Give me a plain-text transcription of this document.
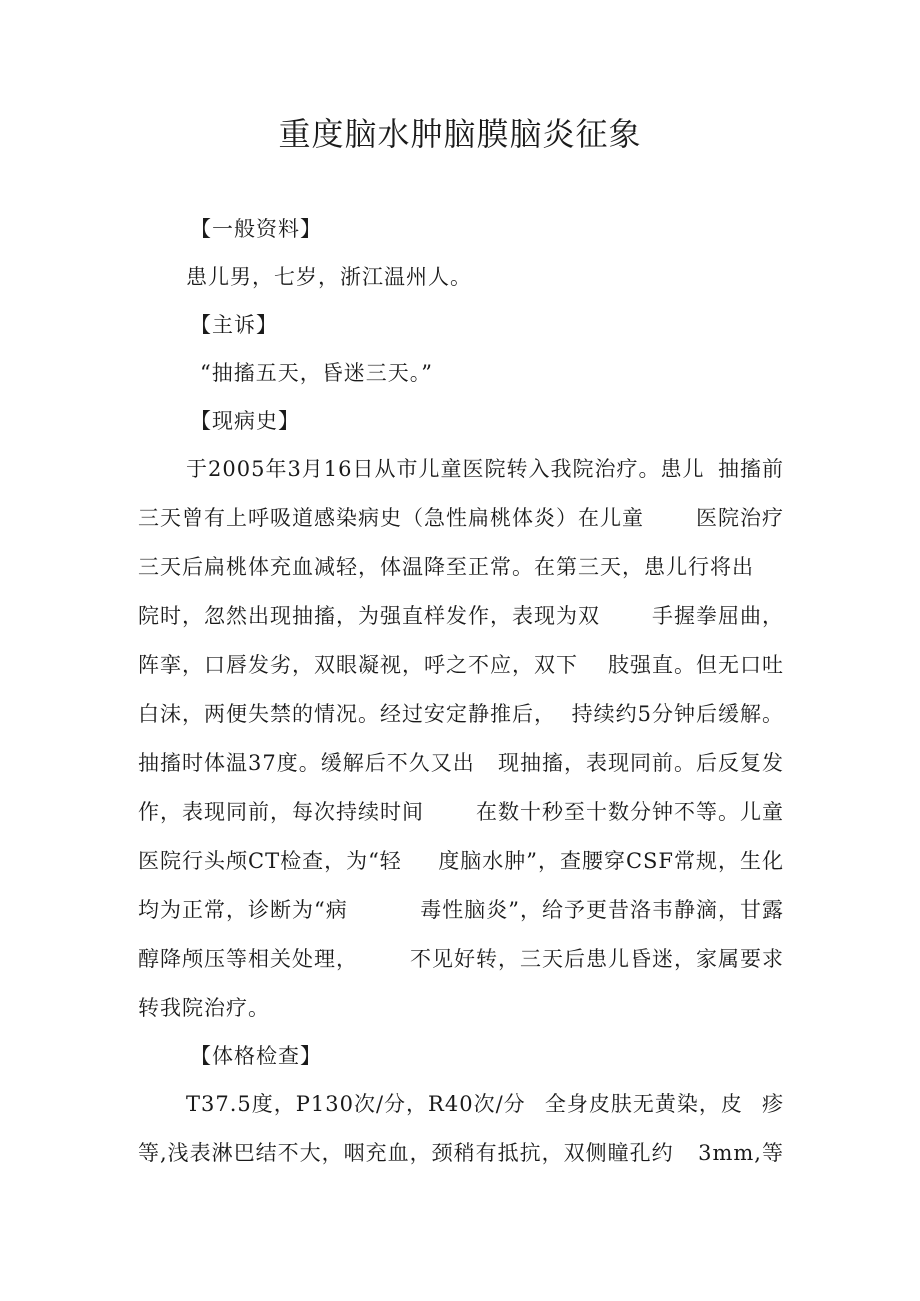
重度脑水肿脑膜脑炎征象
【一般资料】
患儿男，七岁，浙江温州人。
【主诉】
“抽搐五天，昏迷三天。”
【现病史】
于2005年3月16日从市儿童医院转入我院治疗。患儿 抽搐前
三天曾有上呼吸道感染病史（急性扁桃体炎）在儿童 医院治疗
三天后扁桃体充血减轻，体温降至正常。在第三天，患儿行将出
院时，忽然出现抽搐，为强直样发作，表现为双 手握拳屈曲，
阵挛，口唇发劣，双眼凝视，呼之不应，双下 肢强直。但无口吐
白沫，两便失禁的情况。经过安定静推后， 持续约5分钟后缓解。
抽搐时体温37度。缓解后不久又出 现抽搐，表现同前。后反复发
作，表现同前，每次持续时间 在数十秒至十数分钟不等。儿童
医院行头颅CT检查，为“轻 度脑水肿”，查腰穿CSF常规，生化
均为正常，诊断为“病	毒性脑炎”，给予更昔洛韦静滴，甘露
醇降颅压等相关处理， 不见好转，三天后患儿昏迷，家属要求
转我院治疗。
【体格检查】
T37.5度，P130次/分，R40次/分 全身皮肤无黄染，皮 疹
等,浅表淋巴结不大，咽充血，颈稍有抵抗，双侧瞳孔约 3mm,等
